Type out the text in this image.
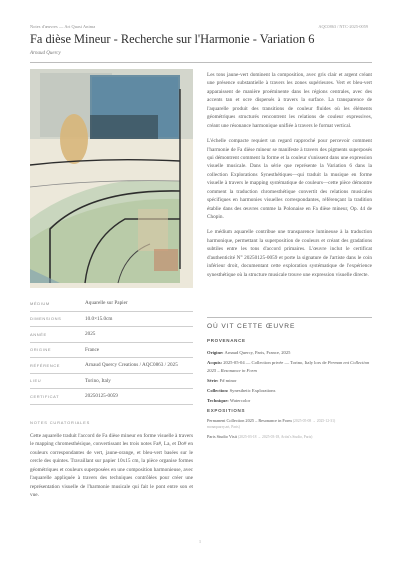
Notes d'œuvres — Art Quasi Anima	AQC0863 / NTC-2025-0059
Fa dièse Mineur - Recherche sur l'Harmonie - Variation 6
Arnaud Quercy
MÉDIUM	Aquarelle sur Papier
DIMENSIONS	10.0×15.0cm
ANNÉE	2025
ORIGINE	France
RÉFÉRENCE	Arnaud Quercy Creations / AQC0863 / 2025
LIEU	Torino, Italy
CERTIFICAT	20250125-0059
NOTES CURATORIALES
Cette aquarelle traduit l'accord de Fa dièse mineur en forme visuelle à travers le mapping chromesthésique, convertissant les trois notes Fa#, La, et Do# en couleurs correspondantes de vert, jaune-orange, et bleu-vert basées sur le cercle des quintes. Travaillant sur papier 10x15 cm, la pièce organise formes géométriques et couleurs superposées en une composition harmonieuse, avec l'aquarelle appliquée à travers des techniques contrôlées pour créer une représentation visuelle de l'harmonie musicale qui fait le pont entre son et vue.

Les tons jaune-vert dominent la composition, avec gris clair et argent créant une présence substantielle à travers les zones supérieures. Vert et bleu-vert apparaissent de manière proéminente dans les régions centrales, avec des accents tan et ocre dispersés à travers la surface. La transparence de l'aquarelle produit des transitions de couleur fluides où les éléments géométriques structurés rencontrent les relations de couleur expressives, créant une résonance harmonique unifiée à travers le format vertical.

L'échelle compacte requiert un regard rapproché pour percevoir comment l'harmonie de Fa dièse mineur se manifeste à travers des pigments superposés qui démontrent comment la forme et la couleur s'unissent dans une expression visuelle musicale. Dans la série que représente la Variation 6 dans la collection Explorations Synesthétiques—qui traduit la musique en forme visuelle à travers le mapping systématique de couleurs—cette pièce démontre comment la traduction chromesthétique convertit des relations musicales spécifiques en harmonies visuelles correspondantes, référençant la tradition établie dans des œuvres comme la Polonaise en Fa dièse mineur, Op. 44 de Chopin.

Le médium aquarelle contribue une transparence lumineuse à la traduction harmonique, permettant la superposition de couleurs et créant des gradations subtiles entre les tons d'accord primaires. L'œuvre inclut le certificat d'authenticité N° 20250125-0059 et porte la signature de l'artiste dans le coin inférieur droit, documentant cette exploration systématique de l'expérience synesthétique où la structure musicale trouve une expression visuelle directe.

OÙ VIT CETTE ŒUVRE
PROVENANCE
Origine: Arnaud Quercy, Paris, France, 2025
Acquis: 2025-05-04 — Collection privée — Torino, Italy lors de Perman ent Collection 2025 – Resonance in Form
Série: F# minor
Collection: Synesthetic Explorations
Technique: Watercolor
EXPOSITIONS
Permanent Collection 2025 – Resonance in Form (2025-05-08 → 2025-12-31)
monaquarry.art, Paris)
Paris Studio Visit (2025-03-18 → 2025-03-18, Artist's Studio, Paris)
1
